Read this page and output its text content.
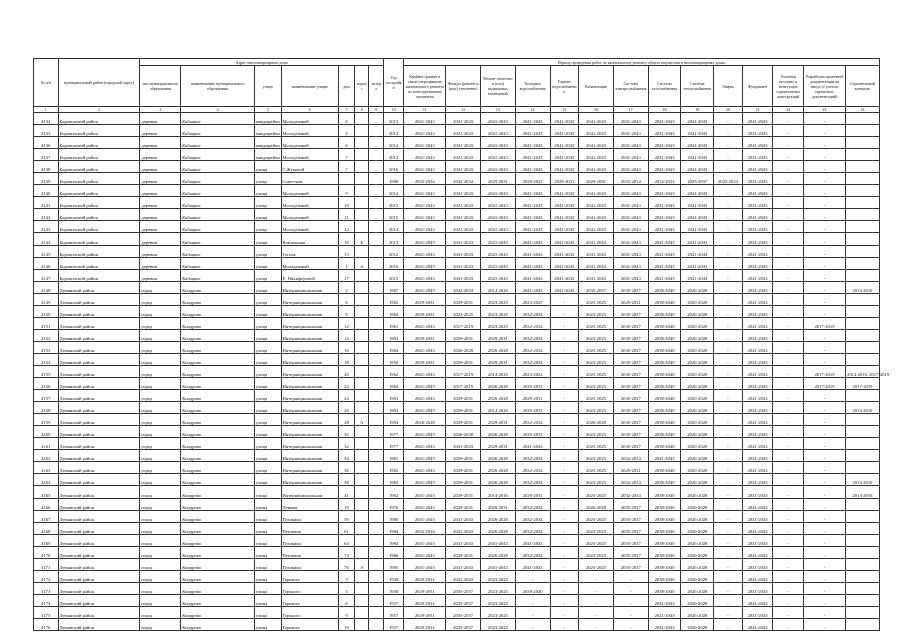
№ п/п	муниципальный район (городской округ)	Адрес многоквартирного дома							Год постройки	Период проведения работ по капитальному ремонту общего имущества в многоквартирных домах													
		тип муниципального образования	наименование муниципального образования	улица	наименование улицы	дом	корпус	литера		Крайнее (раннее в связи) мероприятие капитального ремонта по конструктивным элементам	Фасады (ремонт и (или) утепление)	Ремонт отмостки и (или) подвальных помещений	Холодное водоснабжение	Горячее водоснабжение	Канализация	Система электроснабжения	Система газоснабжения	Система теплоснабжения	Лифты	Фундамент	Усиление несущих и ненесущих строительных конструкций	Разработка проектной документации на вводе (с учетом проектных документаций)	Строительный контроль
1	2	3	4	5	6	7	8	9	10	11	12	13	14	15	16	17	18	19	20	21	22	23	24
4134	Боровичский район	деревня	Кабацкое	микрорайон	Молодежный	4			2013	2041-2043	2041-2043	2041-2043	2041-2043	2041-2043	2041-2043	2041-2043	2041-2043	2041-2043	-	2041-2043	-	-	
4135	Боровичский район	деревня	Кабацкое	микрорайон	Молодежный	5			2013	2041-2043	2041-2043	2041-2043	2041-2043	2041-2043	2041-2043	2041-2043	2041-2043	2041-2043	-	2041-2043	-	-	
4136	Боровичский район	деревня	Кабацкое	микрорайон	Молодежный	6			2014	2041-2043	2041-2043	2041-2043	2041-2043	2041-2043	2041-2043	2041-2043	2041-2043	2041-2043	-	2041-2043	-	-	
4137	Боровичский район	деревня	Кабацкое	микрорайон	Молодежный	7			2013	2041-2043	2041-2043	2041-2043	2041-2043	2041-2043	2041-2043	2041-2043	2041-2043	2041-2043	-	2041-2043	-	-	
4138	Боровичский район	деревня	Кабацкое	улица	С.Жуковой	7			2016	2041-2043	2041-2043	2041-2043	2041-2043	2041-2043	2041-2043	2041-2043	2041-2043	2041-2043	-	2041-2043	-	-	
4139	Боровичский район	деревня	Кабацкое	улица	Советская				1980	2032-2034	2032-2034	2029-2031	2029-2031	2029-2031	2029-2031	2032-2034	2032-2034	2035-2037	2032-2034	2041-2043	-	-	
4140	Боровичский район	деревня	Кабацкое	улица	Молодежный	9			2014	2041-2043	2041-2043	2041-2043	2041-2043	2041-2043	2041-2043	2041-2043	2041-2043	2041-2043	-	2041-2043	-	-	
4141	Боровичский район	деревня	Кабацкое	улица	Молодежный	10			2015	2041-2043	2041-2043	2041-2043	2041-2043	2041-2043	2041-2043	2041-2043	2041-2043	2041-2043	-	2041-2043	-	-	
4142	Боровичский район	деревня	Кабацкое	улица	Молодежный	11			2015	2041-2043	2041-2043	2041-2043	2041-2043	2041-2043	2041-2043	2041-2043	2041-2043	2041-2043	-	2041-2043	-	-	
4143	Боровичский район	деревня	Кабацкое	улица	Молодежный	12			2014	2041-2043	2041-2043	2041-2043	2041-2043	2041-2043	2041-2043	2041-2043	2041-2043	2041-2043	-	2041-2043	-	-	
4144	Боровичский район	деревня	Кабацкое	улица	Вокзальная	16	Б		2013	2041-2043	2041-2043	2041-2043	2041-2043	2041-2043	2041-2043	2041-2043	2041-2043	2041-2043	-	2041-2043	-	-	
4145	Боровичский район	деревня	Кабацкое	улица	Гоголя	13			2012	2041-2043	2041-2043	2041-2043	2041-2043	2041-2043	2041-2043	2041-2043	2041-2043	2041-2043	-	2041-2043	-	-	
4146	Боровичский район	деревня	Кабацкое	улица	Молодежный	1	А		2016	2041-2043	2041-2043	2041-2043	2041-2043	2041-2043	2041-2043	2041-2043	2041-2043	2041-2043	-	2041-2043	-	-	
4147	Боровичский район	деревня	Кабацкое	улица	Е. Никифоровой	17			2015	2041-2043	2041-2043	2041-2043	2041-2043	2041-2043	2041-2043	2041-2043	2041-2043	2041-2043	-	2041-2043	-	-	
4148	Демянский район	город	Кондрово	улица	Интернациональная	2			1987	2041-2043	2032-2034	2014-2016	2041-2043	2041-2043	2035-2037	2035-2037	2038-2040	2026-2028	-	2041-2043	-	-	2014-2016
4149	Демянский район	город	Кондрово	улица	Интернациональная	6			1982	2029-2031	2029-2031	2023-2025	2023-2025	-	2023-2025	2029-2031	2038-2040	2026-2028	-	2041-2043	-	-	
4150	Демянский район	город	Кондрово	улица	Интернациональная	8			1964	2029-2031	2023-2025	2023-2025	2032-2034	-	2023-2025	2035-2037	2038-2040	2026-2028	-	2041-2043	-	-	
4151	Демянский район	город	Кондрово	улица	Интернациональная	12			1961	2041-2043	2017-2019	2023-2025	2032-2034	-	2023-2025	2035-2037	2038-2040	2026-2028	-	2041-2043	-	2017-2019	
4152	Демянский район	город	Кондрово	улица	Интернациональная	14			1963	2029-2031	2029-2031	2029-2031	2032-2034	-	2023-2025	2035-2037	2038-2040	2026-2028	-	2041-2043	-	-	
4153	Демянский район	город	Кондрово	улица	Интернациональная	16			1964	2041-2043	2026-2028	2026-2028	2032-2034	-	2023-2025	2035-2037	2038-2040	2026-2028	-	2041-2043	-	-	
4154	Демянский район	город	Кондрово	улица	Интернациональная	18			1950	2029-2031	2029-2031	2029-2031	2032-2034	-	2023-2025	2035-2037	2038-2040	2026-2028	-	2041-2043	-	-	
4155	Демянский район	город	Кондрово	улица	Интернациональная	20			1962	2041-2043	2017-2019	2014-2016	2023-2024	-	2023-2025	2035-2037	2038-2040	2026-2028	-	2041-2043	-	2017-2019	2014-2016, 2017-2019
4156	Демянский район	город	Кондрово	улица	Интернациональная	22			1964	2041-2043	2017-2019	2026-2028	2029-2031	-	2023-2025	2035-2037	2038-2040	2026-2028	-	2041-2043	-	2017-2019	2017-2019
4157	Демянский район	город	Кондрово	улица	Интернациональная	24			1963	2041-2043	2029-2031	2026-2028	2029-2031	-	2023-2025	2035-2037	2038-2040	2026-2028	-	2041-2043	-	-	
4158	Демянский район	город	Кондрово	улица	Интернациональная	26			1963	2041-2043	2029-2031	2014-2016	2029-2031	-	2023-2025	2035-2037	2038-2040	2026-2028	-	2041-2043	-	-	2014-2016
4159	Демянский район	город	Кондрово	улица	Интернациональная	28	А		1994	2026-2028	2029-2031	2029-2031	2032-2034	-	2026-2028	2035-2037	2038-2040	2026-2028	-	2041-2043	-	-	
4160	Демянский район	город	Кондрово	улица	Интернациональная	30			1977	2041-2043	2026-2028	2026-2028	2029-2031	-	2023-2025	2035-2037	2038-2040	2026-2028	-	2041-2043	-	-	
4161	Демянский район	город	Кондрово	улица	Интернациональная	32			1977	2041-2043	2041-2043	2029-2031	2041-2043	-	2023-2025	2035-2037	2038-2040	2026-2028	-	2041-2043	-	-	
4162	Демянский район	город	Кондрово	улица	Интернациональная	34			1981	2041-2043	2029-2031	2026-2028	2032-2034	-	2023-2025	2032-2034	2041-2043	2026-2028	-	2041-2043	-	-	
4163	Демянский район	город	Кондрово	улица	Интернациональная	36			1982	2041-2043	2029-2031	2026-2028	2032-2034	-	2023-2025	2029-2031	2038-2040	2026-2028	-	2041-2043	-	-	
4164	Демянский район	город	Кондрово	улица	Интернациональная	38			1982	2041-2043	2029-2031	2026-2028	2032-2034	-	2023-2025	2032-2034	2038-2040	2026-2028	-	2041-2043	-	-	2014-2016
4165	Демянский район	город	Кондрово	улица	Интернациональная	41			1962	2041-2043	2029-2031	2014-2016	2029-2031	-	2023-2025	2032-2034	2038-2040	2026-2028	-	2041-2043	-	-	2014-2016
4166	Демянский район	город	Кондрово	улица	Ленина	19			1976	2041-2043	2029-2031	2029-2031	2032-2034	-	2026-2028	2035-2037	2038-2040	2026-2028	-	2041-2043	-	-	
4167	Демянский район	город	Кондрово	улица	Пушкина	59			1980	2041-2043	2041-2043	2026-2028	2032-2034	-	2023-2025	2035-2037	2038-2040	2026-2028	-	2041-2043	-	-	
4168	Демянский район	город	Кондрово	улица	Пушкина	61			1984	2032-2034	2041-2043	2026-2028	2032-2034	-	2023-2025	2035-2037	2038-2040	2026-2028	-	2041-2043	-	-	
4169	Демянский район	город	Кондрово	улица	Пушкина	64			1984	2041-2043	2041-2043	2041-2043	2041-2043	-	2023-2025	2035-2037	2038-2040	2026-2028	-	2041-2043	-	-	
4170	Демянский район	город	Кондрово	улица	Пушкина	74			1986	2041-2043	2029-2031	2026-2028	2032-2034	-	2023-2025	2035-2037	2038-2040	2026-2028	-	2041-2043	-	-	
4171	Демянский район	город	Кондрово	улица	Пушкина	76	А		1985	2041-2043	2041-2043	2041-2043	2041-2043	-	2023-2025	2035-2037	2038-2040	2026-2028	-	2041-2043	-	-	
4172	Демянский район	город	Кондрово	улица	Горького	3			1938	2029-2031	2041-2043	2023-2025	-	-	-	-	2038-2040	2026-2028	-	2041-2043	-	-	
4173	Демянский район	город	Кондрово	улица	Горького	5			1938	2029-2031	2035-2037	2023-2025	2038-2040	-	-	-	2038-2040	2026-2028	-	2041-2043	-	-	
4174	Демянский район	город	Кондрово	улица	Горького	6			1957	2029-2031	2035-2037	2023-2025	-	-	-	-	2041-2043	2026-2028	-	2041-2043	-	-	
4175	Демянский район	город	Кондрово	улица	Горького	9			1957	2029-2031	2035-2037	2023-2025	-	-	-	-	2041-2043	2026-2028	-	2041-2043	-	-	
4176	Демянский район	город	Кондрово	улица	Горького	10			1957	2029-2031	2035-2037	2023-2025	-	-	-	-	2041-2043	2026-2028	-	2041-2043	-	-	
